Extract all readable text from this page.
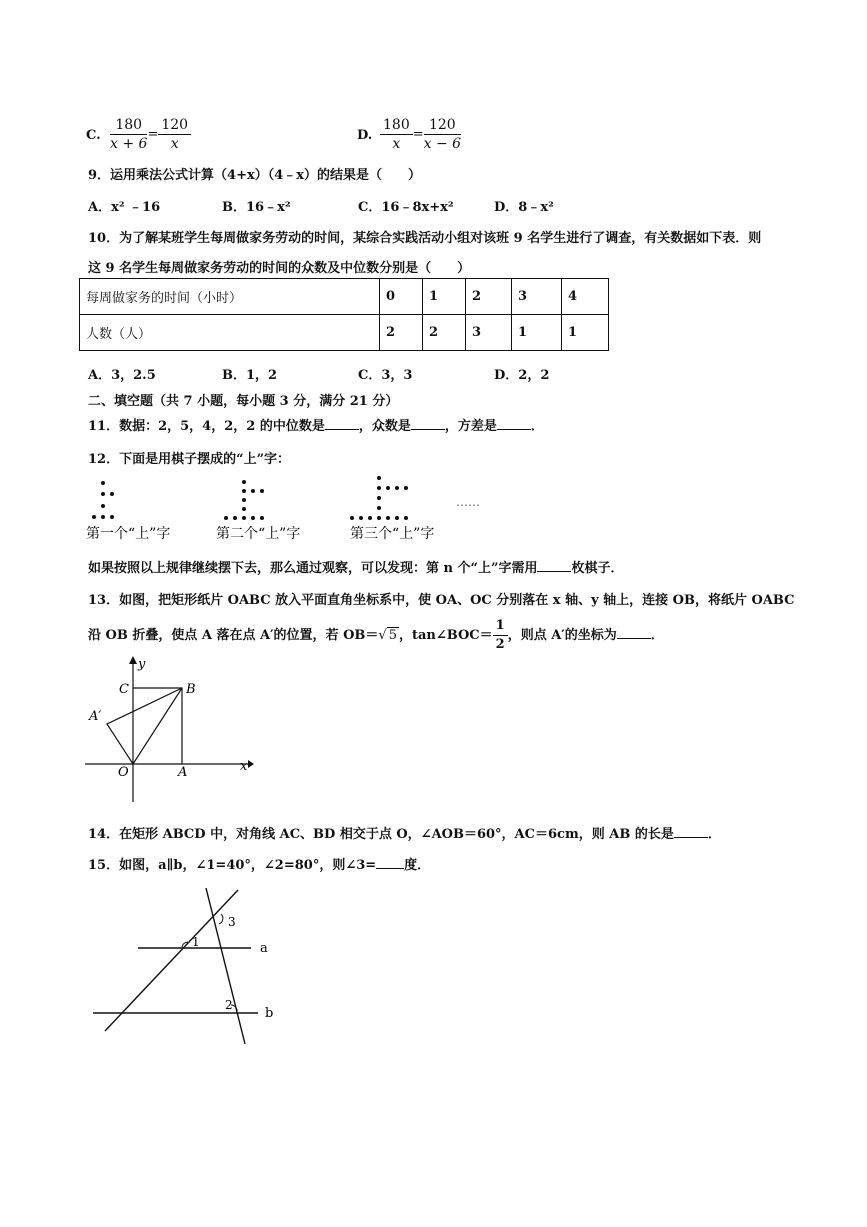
C. $\frac{180}{x + 6} = \frac{120}{x}$	D. $\frac{180}{x} = \frac{120}{x - 6}$
9．运用乘法公式计算（4+x）（4﹣x）的结果是（　　）
A．x² ﹣16	B．16﹣x²	C．16﹣8x+x²	D．8﹣x²
10．为了解某班学生每周做家务劳动的时间，某综合实践活动小组对该班 9 名学生进行了调查，有关数据如下表．则
这 9 名学生每周做家务劳动的时间的众数及中位数分别是（　　）
每周做家务的时间（小时）	0	1	2	3	4
人数（人）	2	2	3	1	1
A．3，2.5	B．1，2	C．3，3	D．2，2
二、填空题（共 7 小题，每小题 3 分，满分 21 分）
11．数据：2，5，4，2，2 的中位数是	，众数是	，方差是	．
12．下面是用棋子摆成的“上”字：
第一个“上”字	第二个“上”字	第三个“上”字
……
如果按照以上规律继续摆下去，那么通过观察，可以发现：第 n 个“上”字需用	枚棋子．
13．如图，把矩形纸片 OABC 放入平面直角坐标系中，使 OA、OC 分别落在 x 轴、y 轴上，连接 OB，将纸片 OABC
沿 OB 折叠，使点 A 落在点 A′的位置，若 OB＝√ 5 ，tan∠BOC＝ $\frac{1}{2}$ ，则点 A′的坐标为	．
y
x
C	B
A′
O	A
14．在矩形 ABCD 中，对角线 AC、BD 相交于点 O，∠AOB＝60°，AC＝6cm，则 AB 的长是	．
15．如图，a∥b，∠1=40°，∠2=80°，则∠3= 度．
3
1
2
a
b
